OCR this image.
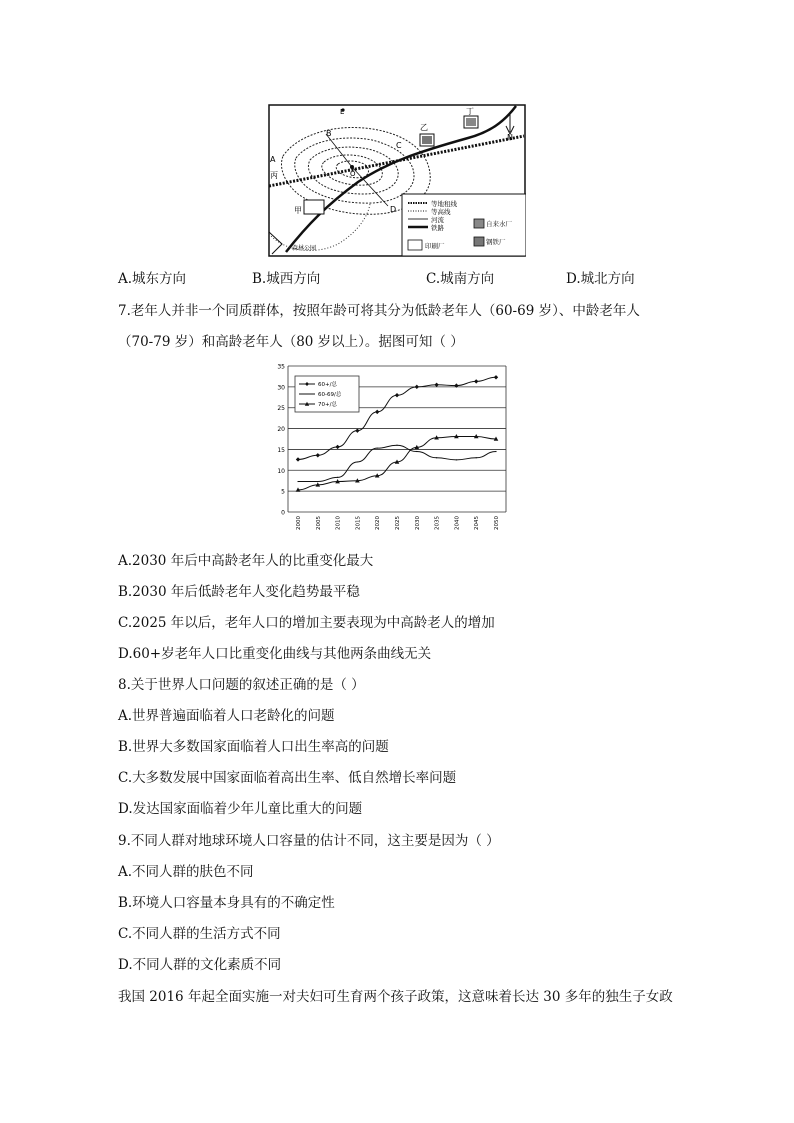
E
B
C
A
丙	O
D
甲
乙
丁
N
森林公园
等地租线
等高线
河流
铁路	自来水厂
钢铁厂
印刷厂
A.城东方向	B.城西方向	C.城南方向	D.城北方向
7.老年人并非一个同质群体，按照年龄可将其分为低龄老年人（60-69 岁）、中龄老年人
（70-79 岁）和高龄老年人（80 岁以上）。据图可知（ ）
0
5
10
15
20
25
30
35
2000	2005	2010	2015	2020	2025	2030	2035	2040	2045	2050
60+/总
60-69/总
70+/总
A.2030 年后中高龄老年人的比重变化最大
B.2030 年后低龄老年人变化趋势最平稳
C.2025 年以后，老年人口的增加主要表现为中高龄老人的增加
D.60+岁老年人口比重变化曲线与其他两条曲线无关
8.关于世界人口问题的叙述正确的是（ ）
A.世界普遍面临着人口老龄化的问题
B.世界大多数国家面临着人口出生率高的问题
C.大多数发展中国家面临着高出生率、低自然增长率问题
D.发达国家面临着少年儿童比重大的问题
9.不同人群对地球环境人口容量的估计不同，这主要是因为（ ）
A.不同人群的肤色不同
B.环境人口容量本身具有的不确定性
C.不同人群的生活方式不同
D.不同人群的文化素质不同
我国 2016 年起全面实施一对夫妇可生育两个孩子政策，这意味着长达 30 多年的独生子女政
